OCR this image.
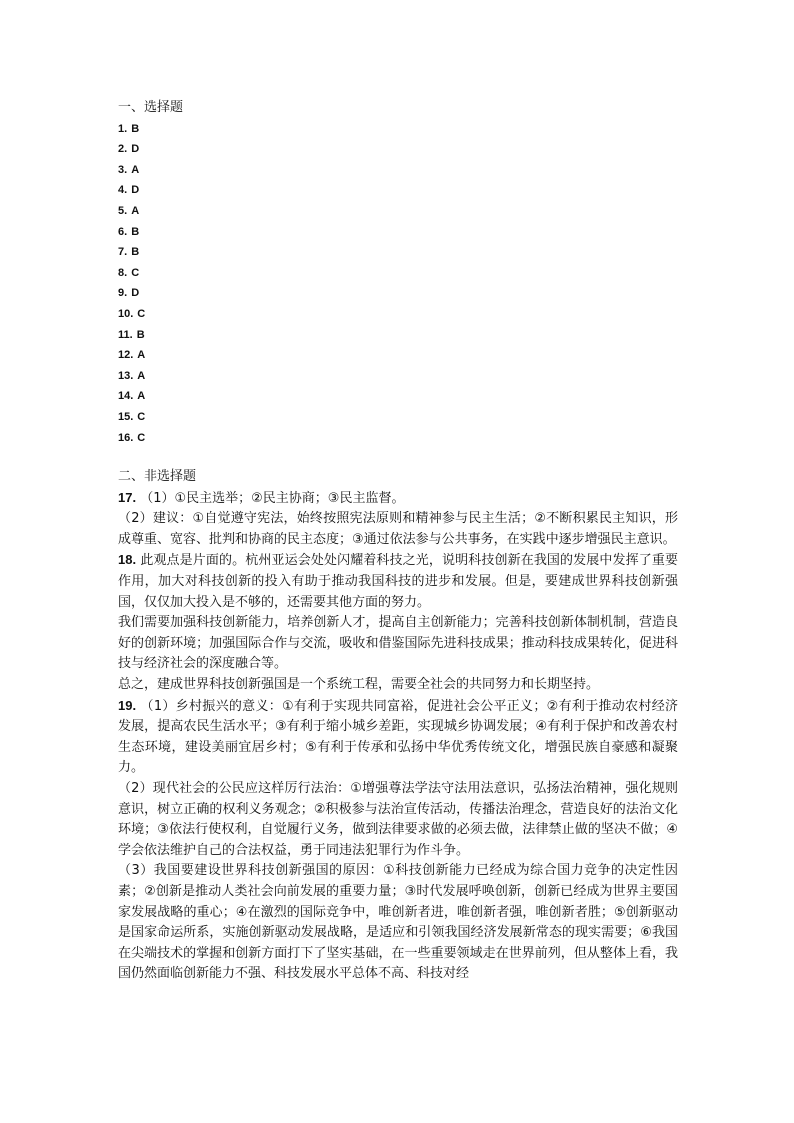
一、选择题
1. B
2. D
3. A
4. D
5. A
6. B
7. B
8. C
9. D
10. C
11. B
12. A
13. A
14. A
15. C
16. C
二、非选择题

17. （1）①民主选举；②民主协商；③民主监督。

（2）建议：①自觉遵守宪法，始终按照宪法原则和精神参与民主生活；②不断积累民主知识，形成尊重、宽容、批判和协商的民主态度；③通过依法参与公共事务，在实践中逐步增强民主意识。

18. 此观点是片面的。杭州亚运会处处闪耀着科技之光，说明科技创新在我国的发展中发挥了重要作用，加大对科技创新的投入有助于推动我国科技的进步和发展。但是，要建成世界科技创新强国，仅仅加大投入是不够的，还需要其他方面的努力。

我们需要加强科技创新能力，培养创新人才，提高自主创新能力；完善科技创新体制机制，营造良好的创新环境；加强国际合作与交流，吸收和借鉴国际先进科技成果；推动科技成果转化，促进科技与经济社会的深度融合等。

总之，建成世界科技创新强国是一个系统工程，需要全社会的共同努力和长期坚持。

19. （1）乡村振兴的意义：①有利于实现共同富裕，促进社会公平正义；②有利于推动农村经济发展，提高农民生活水平；③有利于缩小城乡差距，实现城乡协调发展；④有利于保护和改善农村生态环境，建设美丽宜居乡村；⑤有利于传承和弘扬中华优秀传统文化，增强民族自豪感和凝聚力。

（2）现代社会的公民应这样厉行法治：①增强尊法学法守法用法意识，弘扬法治精神，强化规则意识，树立正确的权利义务观念；②积极参与法治宣传活动，传播法治理念，营造良好的法治文化环境；③依法行使权利，自觉履行义务，做到法律要求做的必须去做，法律禁止做的坚决不做；④学会依法维护自己的合法权益，勇于同违法犯罪行为作斗争。

（3）我国要建设世界科技创新强国的原因：①科技创新能力已经成为综合国力竞争的决定性因素；②创新是推动人类社会向前发展的重要力量；③时代发展呼唤创新，创新已经成为世界主要国家发展战略的重心；④在激烈的国际竞争中，唯创新者进，唯创新者强，唯创新者胜；⑤创新驱动是国家命运所系，实施创新驱动发展战略，是适应和引领我国经济发展新常态的现实需要；⑥我国在尖端技术的掌握和创新方面打下了坚实基础，在一些重要领域走在世界前列，但从整体上看，我国仍然面临创新能力不强、科技发展水平总体不高、科技对经
